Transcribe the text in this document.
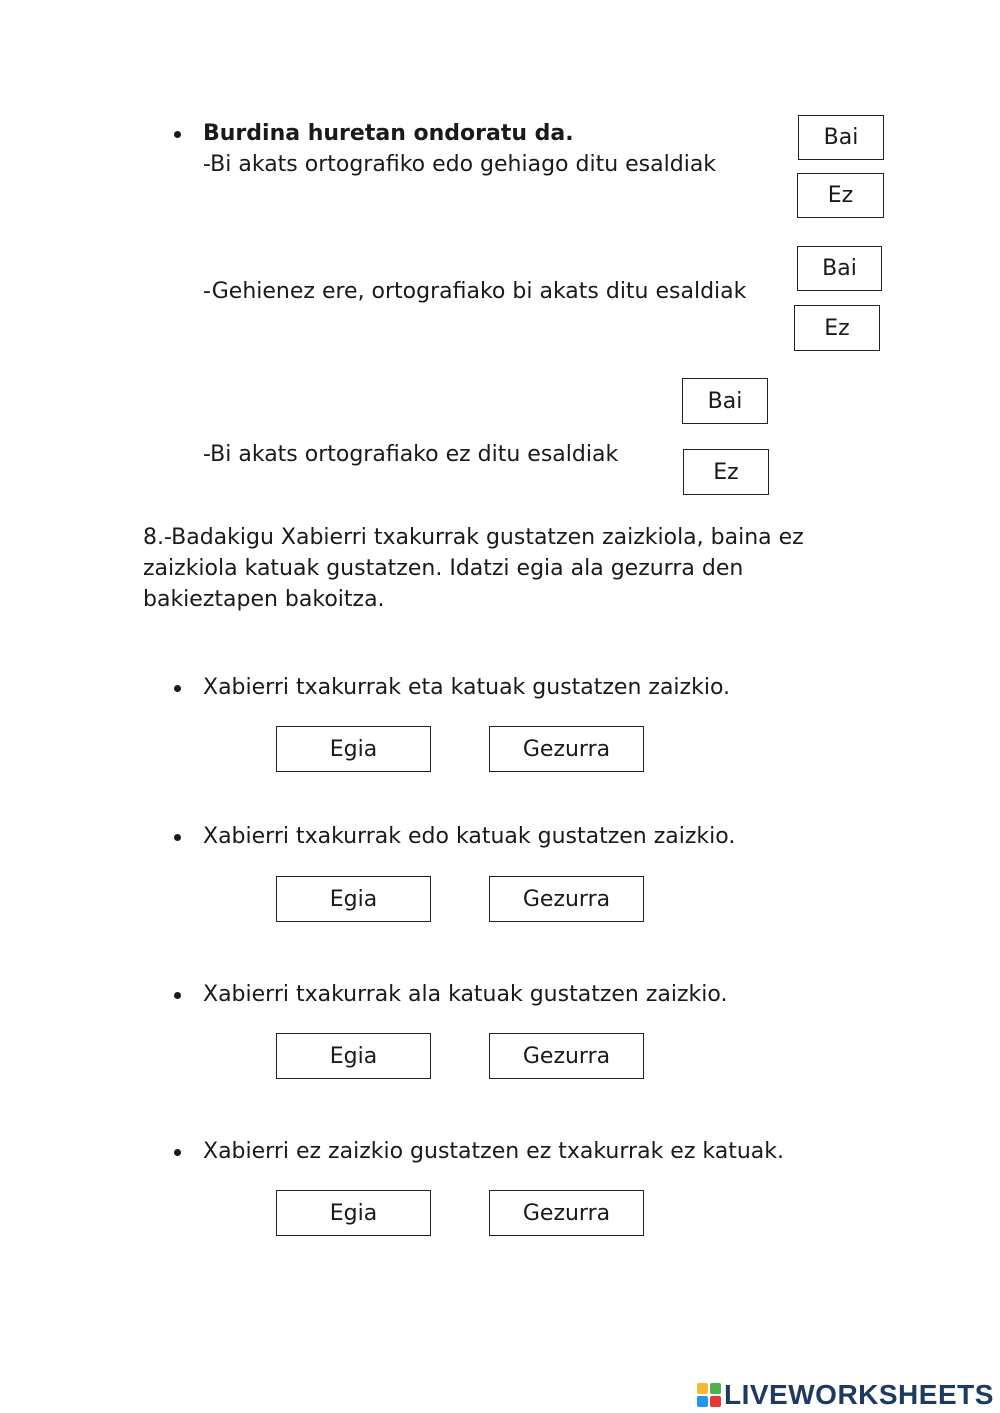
Burdina huretan ondoratu da.

-Bi akats ortografiko edo gehiago ditu esaldiak

Bai
Ez

-Gehienez ere, ortografiako bi akats ditu esaldiak

Bai
Ez

-Bi akats ortografiako ez ditu esaldiak

Bai
Ez

8.-Badakigu Xabierri txakurrak gustatzen zaizkiola, baina ez zaizkiola katuak gustatzen. Idatzi egia ala gezurra den bakieztapen bakoitza.

Xabierri txakurrak eta katuak gustatzen zaizkio.

Egia	Gezurra

Xabierri txakurrak edo katuak gustatzen zaizkio.

Egia	Gezurra

Xabierri txakurrak ala katuak gustatzen zaizkio.

Egia	Gezurra

Xabierri ez zaizkio gustatzen ez txakurrak ez katuak.

Egia	Gezurra
LIVEWORKSHEETS
